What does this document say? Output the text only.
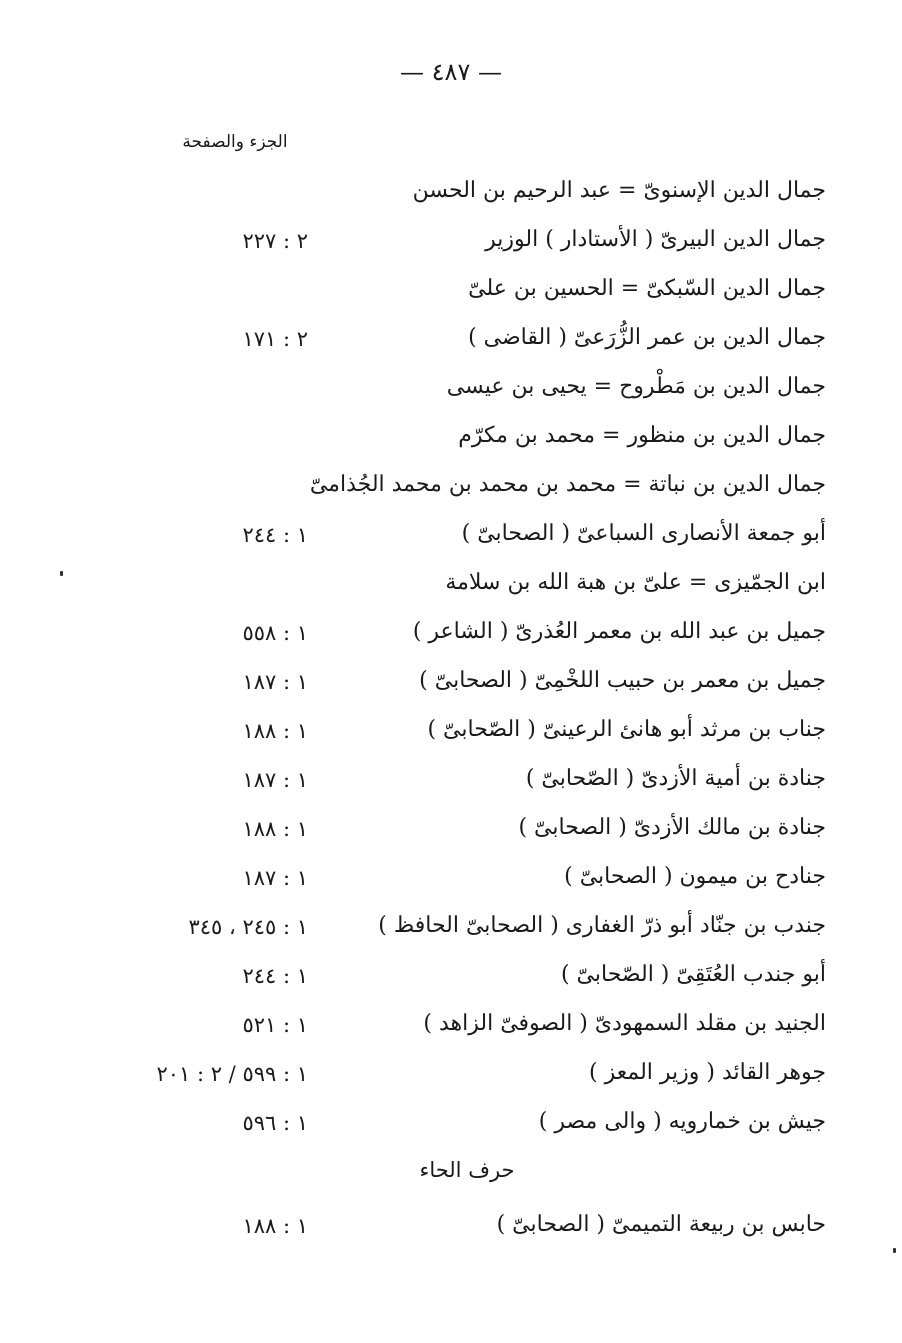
— ٤٨٧ —
الجزء والصفحة
جمال الدين الإسنوىّ = عبد الرحيم بن الحسن
جمال الدين البيرىّ ( الأستادار ) الوزير
٢ : ٢٢٧
جمال الدين السّبكىّ = الحسين بن علىّ
جمال الدين بن عمر الزُّرَعىّ ( القاضى )
٢ : ١٧١
جمال الدين بن مَطْروح = يحيى بن عيسى
جمال الدين بن منظور = محمد بن مكرّم
جمال الدين بن نباتة = محمد بن محمد بن محمد الجُذامىّ
أبو جمعة الأنصارى السباعىّ ( الصحابىّ )
١ : ٢٤٤
ابن الجمّيزى = علىّ بن هبة الله بن سلامة
جميل بن عبد الله بن معمر العُذرىّ ( الشاعر )
١ : ٥٥٨
جميل بن معمر بن حبيب اللخْمِىّ ( الصحابىّ )
١ : ١٨٧
جناب بن مرثد أبو هانئ الرعينىّ ( الصّحابىّ )
١ : ١٨٨
جنادة بن أمية الأزدىّ ( الصّحابىّ )
١ : ١٨٧
جنادة بن مالك الأزدىّ ( الصحابىّ )
١ : ١٨٨
جنادح بن ميمون ( الصحابىّ )
١ : ١٨٧
جندب بن جنّاد أبو ذرّ الغفارى ( الصحابىّ الحافظ )
١ : ٢٤٥ ، ٣٤٥
أبو جندب العُتَقِىّ ( الصّحابىّ )
١ : ٢٤٤
الجنيد بن مقلد السمهودىّ ( الصوفىّ الزاهد )
١ : ٥٢١
جوهر القائد ( وزير المعز )
١ : ٥٩٩ / ٢ : ٢٠١
جيش بن خمارويه ( والى مصر )
١ : ٥٩٦
حرف الحاء
حابس بن ربيعة التميمىّ ( الصحابىّ )
١ : ١٨٨
